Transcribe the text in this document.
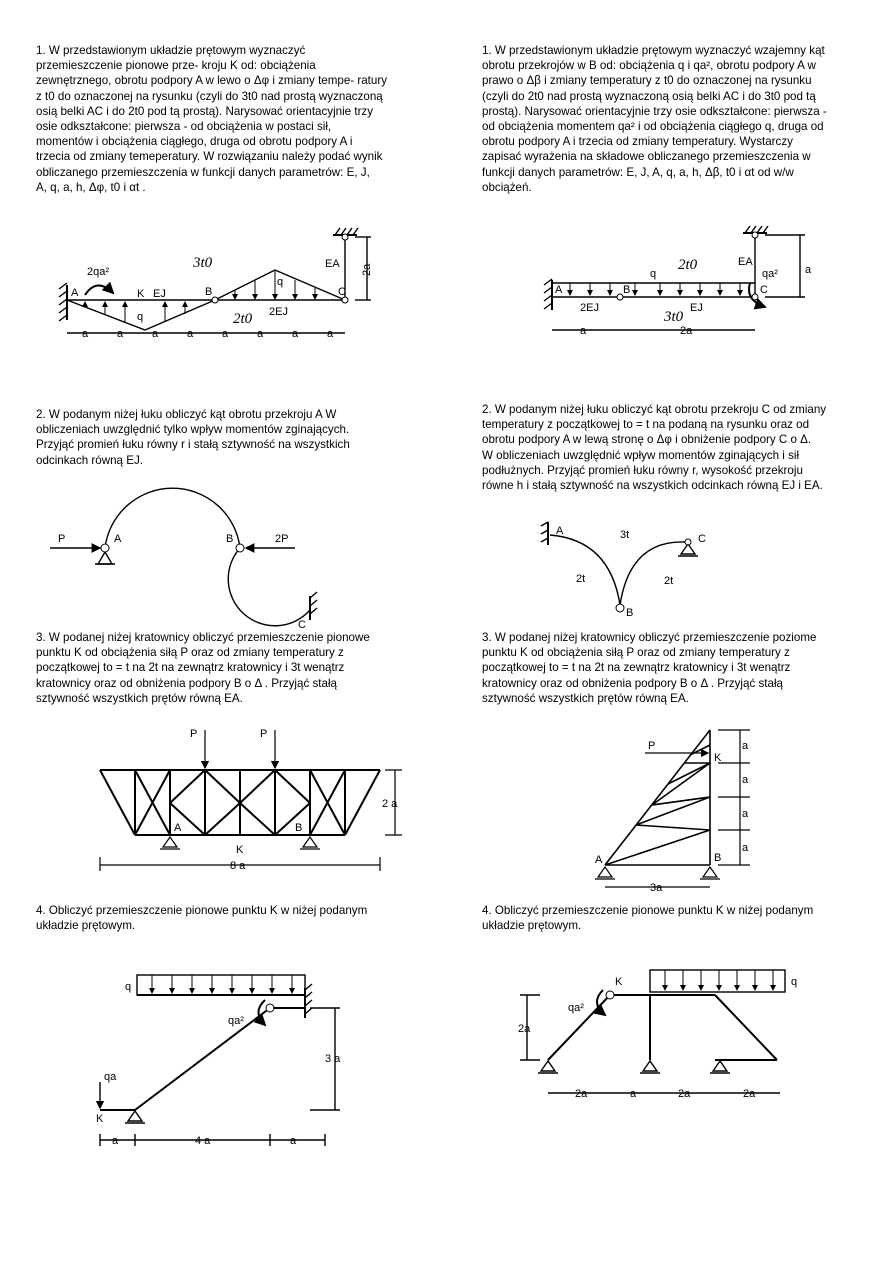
1. W przedstawionym układzie prętowym wyznaczyć
przemieszczenie pionowe prze- kroju K od: obciążenia
zewnętrznego, obrotu podpory A w lewo o Δφ i zmiany tempe- ratury
z t0 do oznaczonej na rysunku (czyli do 3t0 nad prostą wyznaczoną
osią belki AC i do 2t0 pod tą prostą). Narysować orientacyjnie trzy
osie odkształcone: pierwsza - od obciążenia w postaci sił,
momentów i obciążenia ciągłego, druga od obrotu podpory A i
trzecia od zmiany temeperatury. W rozwiązaniu należy podać wynik
obliczanego przemieszczenia w funkcji danych parametrów: E, J,
A, q, a, h, Δφ, t0 i αt .
1. W przedstawionym układzie prętowym wyznaczyć wzajemny kąt
obrotu przekrojów w B od: obciążenia q i qa², obrotu podpory A w
prawo o Δβ i zmiany temperatury z t0 do oznaczonej na rysunku
(czyli do 2t0 nad prostą wyznaczoną osią belki AC i do 3t0 pod tą
prostą). Narysować orientacyjnie trzy osie odkształcone: pierwsza -
od obciążenia momentem qa² i od obciążenia ciągłego q, druga od
obrotu podpory A i trzecia od zmiany temperatury. Wystarczy
zapisać wyrażenia na składowe obliczanego przemieszczenia w
funkcji danych parametrów: E, J, A, q, a, h, Δβ, t0 i αt od w/w
obciążeń.
2. W podanym niżej łuku obliczyć kąt obrotu przekroju A W
obliczeniach uwzględnić tylko wpływ momentów zginających.
Przyjąć promień łuku równy r i stałą sztywność na wszystkich
odcinkach równą EJ.
2. W podanym niżej łuku obliczyć kąt obrotu przekroju C od zmiany
temperatury z początkowej to = t na podaną na rysunku oraz od
obrotu podpory A w lewą stronę o Δφ i obniżenie podpory C o Δ.
W obliczeniach uwzględnić wpływ momentów zginających i sił
podłużnych. Przyjąć promień łuku równy r, wysokość przekroju
równe h i stałą sztywność na wszystkich odcinkach równą EJ i EA.
3. W podanej niżej kratownicy obliczyć przemieszczenie pionowe
punktu K od obciążenia siłą P oraz od zmiany temperatury z
początkowej to = t na 2t na zewnątrz kratownicy i 3t wenątrz
kratownicy oraz od obniżenia podpory B o Δ . Przyjąć stałą
sztywność wszystkich prętów równą EA.
3. W podanej niżej kratownicy obliczyć przemieszczenie poziome
punktu K od obciążenia siłą P oraz od zmiany temperatury z
początkowej to = t na 2t na zewnątrz kratownicy i 3t wenątrz
kratownicy oraz od obniżenia podpory B o Δ . Przyjąć stałą
sztywność wszystkich prętów równą EA.
4. Obliczyć przemieszczenie pionowe punktu K w niżej podanym
układzie prętowym.
4. Obliczyć przemieszczenie pionowe punktu K w niżej podanym
układzie prętowym.
A	K EJ	B	C
q
q
2EJ
EA
2qa²
3t0
2t0
2a
a	a	a	a	a	a	a	a
A	B	C
2EJ	EJ
EA
q	qa²
2t0
3t0
a
a	2a
P	A	B	2P
C
A
B
C
3t
2t	2t
P	P
A	B
K
2 a
8 a
P
K
A	B
3a
a
a
a
a
q
qa²
qa
K
3 a
a	4 a	a
K	q
qa²
2a
2a	a	2a	2a
